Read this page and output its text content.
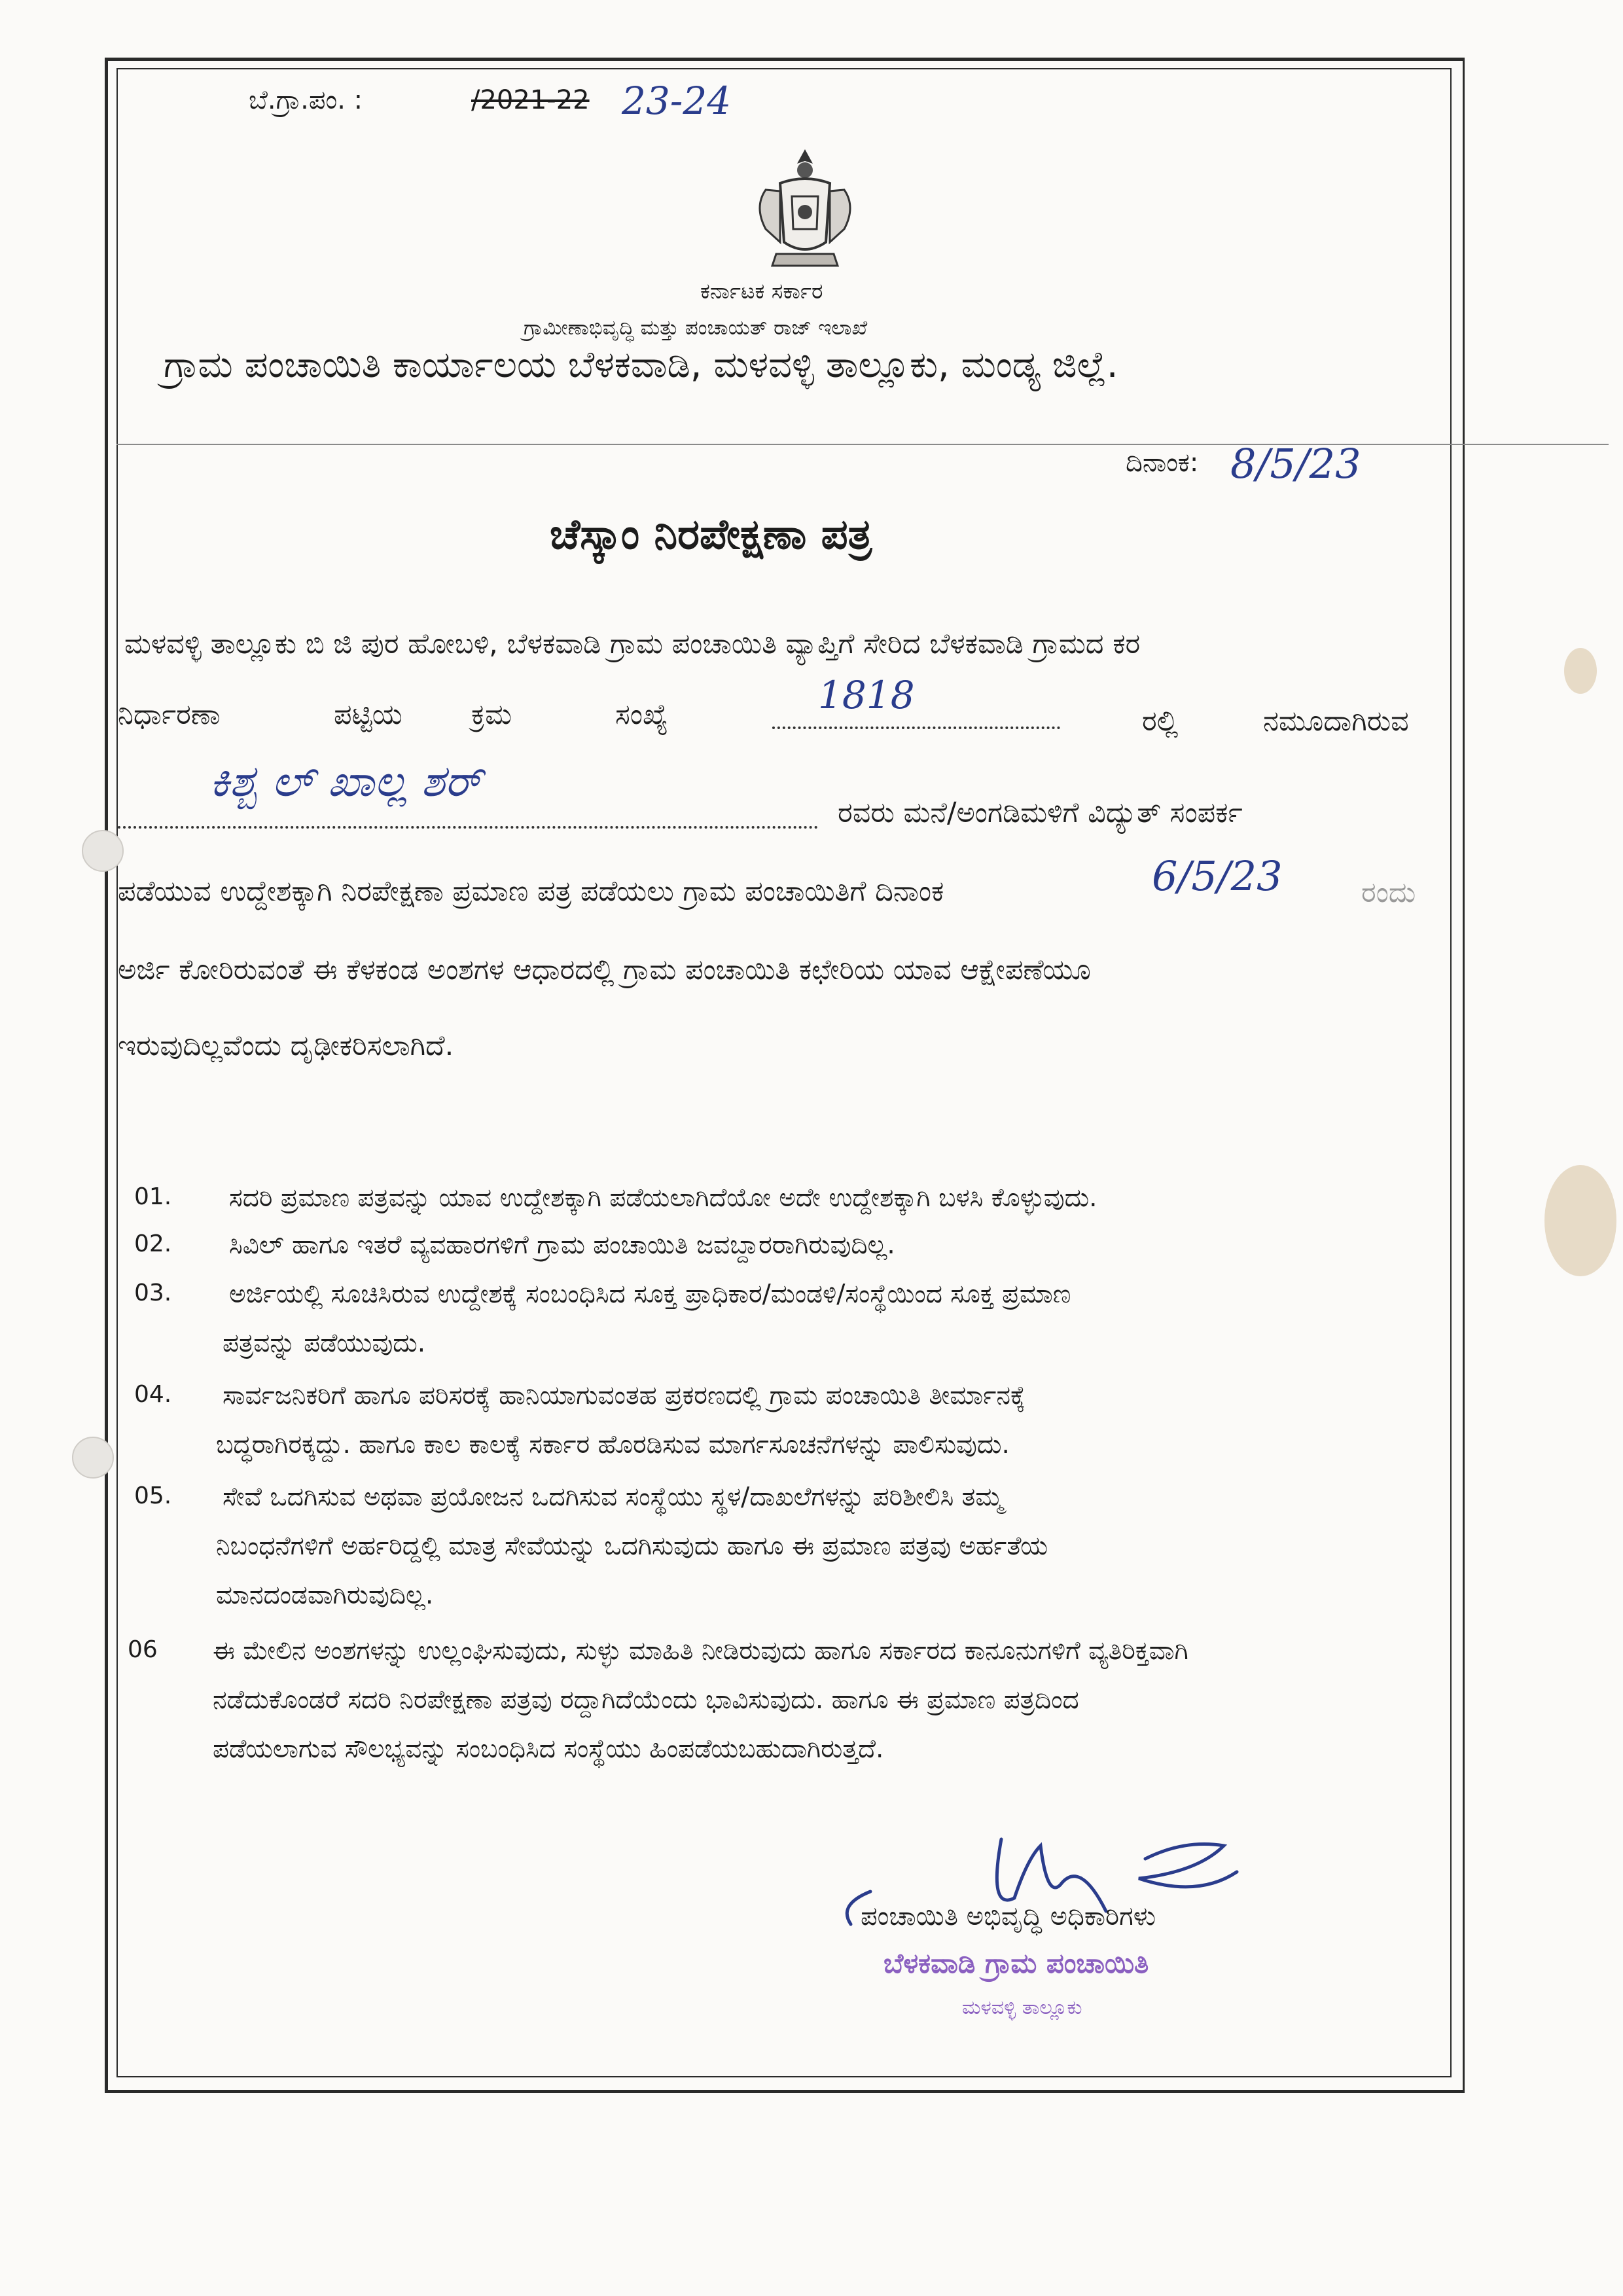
ಬೆ.ಗ್ರಾ.ಪಂ. :	/2021-22 23-24
ಕರ್ನಾಟಕ ಸರ್ಕಾರ
ಗ್ರಾಮೀಣಾಭಿವೃದ್ಧಿ ಮತ್ತು ಪಂಚಾಯತ್ ರಾಜ್ ಇಲಾಖೆ
ಗ್ರಾಮ ಪಂಚಾಯಿತಿ ಕಾರ್ಯಾಲಯ ಬೆಳಕವಾಡಿ, ಮಳವಳ್ಳಿ ತಾಲ್ಲೂಕು, ಮಂಡ್ಯ ಜಿಲ್ಲೆ.
ದಿನಾಂಕ: 8/5/23
ಚೆಸ್ಕಾಂ ನಿರಪೇಕ್ಷಣಾ ಪತ್ರ
ಮಳವಳ್ಳಿ ತಾಲ್ಲೂಕು ಬಿ ಜಿ ಪುರ ಹೋಬಳಿ, ಬೆಳಕವಾಡಿ ಗ್ರಾಮ ಪಂಚಾಯಿತಿ ವ್ಯಾಪ್ತಿಗೆ ಸೇರಿದ ಬೆಳಕವಾಡಿ ಗ್ರಾಮದ ಕರ
ನಿರ್ಧಾರಣಾ	ಪಟ್ಟಿಯ ಕ್ರಮ	ಸಂಖ್ಯೆ	1818
ರಲ್ಲಿ	ನಮೂದಾಗಿರುವ
ಕಿಶ್ಬ ಲ್ ಖಾಲ್ಲ ಶರ್
ರವರು ಮನೆ/ಅಂಗಡಿಮಳಿಗೆ ವಿದ್ಯುತ್ ಸಂಪರ್ಕ
ಪಡೆಯುವ ಉದ್ದೇಶಕ್ಕಾಗಿ ನಿರಪೇಕ್ಷಣಾ ಪ್ರಮಾಣ ಪತ್ರ ಪಡೆಯಲು ಗ್ರಾಮ ಪಂಚಾಯಿತಿಗೆ ದಿನಾಂಕ	6/5/23	ರಂದು
ಅರ್ಜಿ ಕೋರಿರುವಂತೆ ಈ ಕೆಳಕಂಡ ಅಂಶಗಳ ಆಧಾರದಲ್ಲಿ ಗ್ರಾಮ ಪಂಚಾಯಿತಿ ಕಛೇರಿಯ ಯಾವ ಆಕ್ಷೇಪಣೆಯೂ
ಇರುವುದಿಲ್ಲವೆಂದು ದೃಢೀಕರಿಸಲಾಗಿದೆ.
01. ಸದರಿ ಪ್ರಮಾಣ ಪತ್ರವನ್ನು ಯಾವ ಉದ್ದೇಶಕ್ಕಾಗಿ ಪಡೆಯಲಾಗಿದೆಯೋ ಅದೇ ಉದ್ದೇಶಕ್ಕಾಗಿ ಬಳಸಿ ಕೊಳ್ಳುವುದು.
02. ಸಿವಿಲ್ ಹಾಗೂ ಇತರೆ ವ್ಯವಹಾರಗಳಿಗೆ ಗ್ರಾಮ ಪಂಚಾಯಿತಿ ಜವಬ್ದಾರರಾಗಿರುವುದಿಲ್ಲ.
03. ಅರ್ಜಿಯಲ್ಲಿ ಸೂಚಿಸಿರುವ ಉದ್ದೇಶಕ್ಕೆ ಸಂಬಂಧಿಸಿದ ಸೂಕ್ತ ಪ್ರಾಧಿಕಾರ/ಮಂಡಳಿ/ಸಂಸ್ಥೆಯಿಂದ ಸೂಕ್ತ ಪ್ರಮಾಣ
ಪತ್ರವನ್ನು ಪಡೆಯುವುದು.
04. ಸಾರ್ವಜನಿಕರಿಗೆ ಹಾಗೂ ಪರಿಸರಕ್ಕೆ ಹಾನಿಯಾಗುವಂತಹ ಪ್ರಕರಣದಲ್ಲಿ ಗ್ರಾಮ ಪಂಚಾಯಿತಿ ತೀರ್ಮಾನಕ್ಕೆ
ಬದ್ಧರಾಗಿರಕ್ಕದ್ದು. ಹಾಗೂ ಕಾಲ ಕಾಲಕ್ಕೆ ಸರ್ಕಾರ ಹೊರಡಿಸುವ ಮಾರ್ಗಸೂಚನೆಗಳನ್ನು ಪಾಲಿಸುವುದು.
05. ಸೇವೆ ಒದಗಿಸುವ ಅಥವಾ ಪ್ರಯೋಜನ ಒದಗಿಸುವ ಸಂಸ್ಥೆಯು ಸ್ಥಳ/ದಾಖಲೆಗಳನ್ನು ಪರಿಶೀಲಿಸಿ ತಮ್ಮ
ನಿಬಂಧನೆಗಳಿಗೆ ಅರ್ಹರಿದ್ದಲ್ಲಿ ಮಾತ್ರ ಸೇವೆಯನ್ನು ಒದಗಿಸುವುದು ಹಾಗೂ ಈ ಪ್ರಮಾಣ ಪತ್ರವು ಅರ್ಹತೆಯ
ಮಾನದಂಡವಾಗಿರುವುದಿಲ್ಲ.
06 ಈ ಮೇಲಿನ ಅಂಶಗಳನ್ನು ಉಲ್ಲಂಘಿಸುವುದು, ಸುಳ್ಳು ಮಾಹಿತಿ ನೀಡಿರುವುದು ಹಾಗೂ ಸರ್ಕಾರದ ಕಾನೂನುಗಳಿಗೆ ವ್ಯತಿರಿಕ್ತವಾಗಿ
ನಡೆದುಕೊಂಡರೆ ಸದರಿ ನಿರಪೇಕ್ಷಣಾ ಪತ್ರವು ರದ್ದಾಗಿದೆಯೆಂದು ಭಾವಿಸುವುದು. ಹಾಗೂ ಈ ಪ್ರಮಾಣ ಪತ್ರದಿಂದ
ಪಡೆಯಲಾಗುವ ಸೌಲಭ್ಯವನ್ನು ಸಂಬಂಧಿಸಿದ ಸಂಸ್ಥೆಯು ಹಿಂಪಡೆಯಬಹುದಾಗಿರುತ್ತದೆ.
ಪಂಚಾಯಿತಿ ಅಭಿವೃದ್ಧಿ ಅಧಿಕಾರಿಗಳು
ಬೆಳಕವಾಡಿ ಗ್ರಾಮ ಪಂಚಾಯಿತಿ
ಮಳವಳ್ಳಿ ತಾಲ್ಲೂಕು
